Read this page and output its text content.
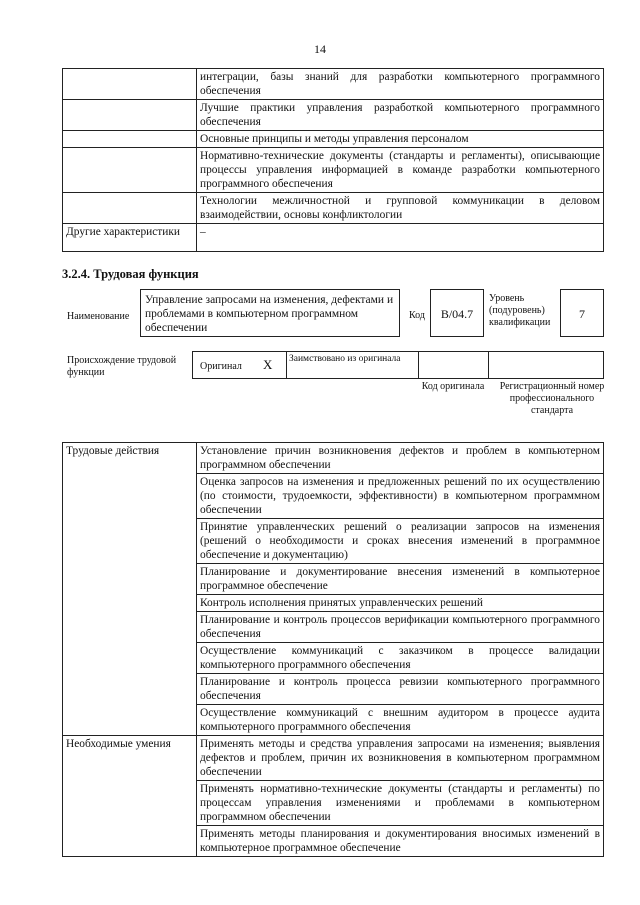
14
	интеграции, базы знаний для разработки компьютерного программного обеспечения
	Лучшие практики управления разработкой компьютерного программного обеспечения
	Основные принципы и методы управления персоналом
	Нормативно-технические документы (стандарты и регламенты), описывающие процессы управления информацией в команде разработки компьютерного программного обеспечения
	Технологии межличностной и групповой коммуникации в деловом взаимодействии, основы конфликтологии
Другие характеристики	–
3.2.4. Трудовая функция
Наименование
Управление запросами на изменения, дефектами и проблемами в компьютерном программном обеспечении
Код	B/04.7
Уровень (подуровень) квалификации
7
Происхождение трудовой функции
Оригинал X Заимствовано из оригинала
Код оригинала	Регистрационный номер профессионального стандарта
Трудовые действия	Установление причин возникновения дефектов и проблем в компьютерном программном обеспечении
	Оценка запросов на изменения и предложенных решений по их осуществлению (по стоимости, трудоемкости, эффективности) в компьютерном программном обеспечении
	Принятие управленческих решений о реализации запросов на изменения (решений о необходимости и сроках внесения изменений в программное обеспечение и документацию)
	Планирование и документирование внесения изменений в компьютерное программное обеспечение
	Контроль исполнения принятых управленческих решений
	Планирование и контроль процессов верификации компьютерного программного обеспечения
	Осуществление коммуникаций с заказчиком в процессе валидации компьютерного программного обеспечения
	Планирование и контроль процесса ревизии компьютерного программного обеспечения
	Осуществление коммуникаций с внешним аудитором в процессе аудита компьютерного программного обеспечения
Необходимые умения	Применять методы и средства управления запросами на изменения; выявления дефектов и проблем, причин их возникновения в компьютерном программном обеспечении
	Применять нормативно-технические документы (стандарты и регламенты) по процессам управления изменениями и проблемами в компьютерном программном обеспечении
	Применять методы планирования и документирования вносимых изменений в компьютерное программное обеспечение
